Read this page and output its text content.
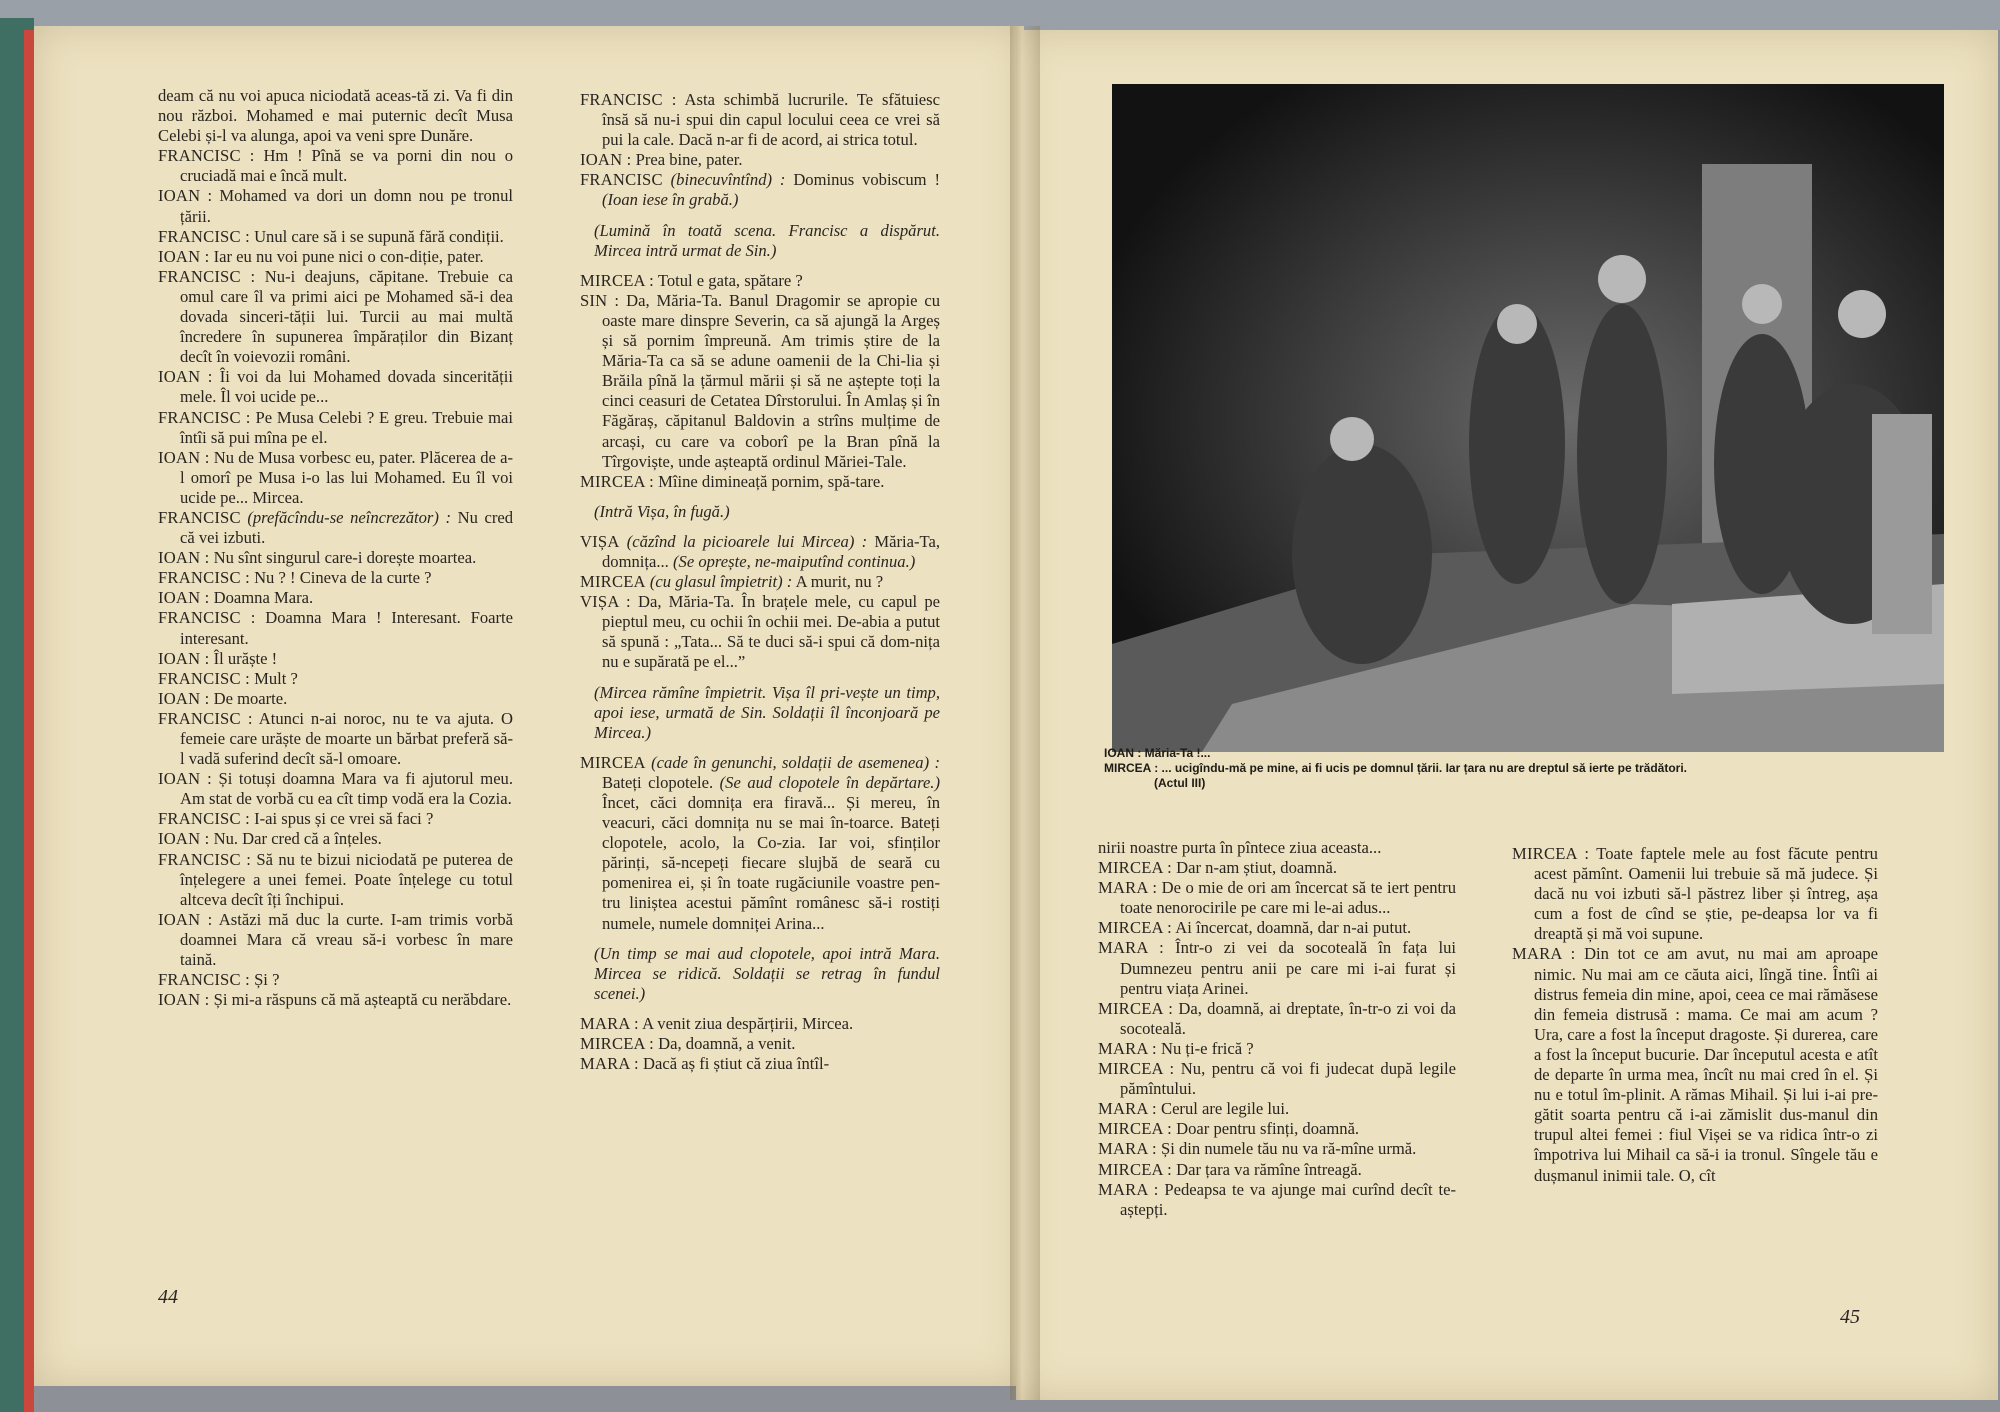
deam că nu voi apuca niciodată aceas-tă zi. Va fi din nou război. Mohamed e mai puternic decît Musa Celebi și-l va alunga, apoi va veni spre Dunăre.

FRANCISC : Hm ! Pînă se va porni din nou o cruciadă mai e încă mult.

IOAN : Mohamed va dori un domn nou pe tronul țării.

FRANCISC : Unul care să i se supună fără condiții.

IOAN : Iar eu nu voi pune nici o con-diție, pater.

FRANCISC : Nu-i deajuns, căpitane. Trebuie ca omul care îl va primi aici pe Mohamed să-i dea dovada sinceri-tății lui. Turcii au mai multă încredere în supunerea împăraților din Bizanț decît în voievozii români.

IOAN : Îi voi da lui Mohamed dovada sincerității mele. Îl voi ucide pe...

FRANCISC : Pe Musa Celebi ? E greu. Trebuie mai întîi să pui mîna pe el.

IOAN : Nu de Musa vorbesc eu, pater. Plăcerea de a-l omorî pe Musa i-o las lui Mohamed. Eu îl voi ucide pe... Mircea.

FRANCISC (prefăcîndu-se neîncrezător) : Nu cred că vei izbuti.

IOAN : Nu sînt singurul care-i dorește moartea.

FRANCISC : Nu ? ! Cineva de la curte ?

IOAN : Doamna Mara.

FRANCISC : Doamna Mara ! Interesant. Foarte interesant.

IOAN : Îl urăște !

FRANCISC : Mult ?

IOAN : De moarte.

FRANCISC : Atunci n-ai noroc, nu te va ajuta. O femeie care urăște de moarte un bărbat preferă să-l vadă suferind decît să-l omoare.

IOAN : Și totuși doamna Mara va fi ajutorul meu. Am stat de vorbă cu ea cît timp vodă era la Cozia.

FRANCISC : I-ai spus și ce vrei să faci ?

IOAN : Nu. Dar cred că a înțeles.

FRANCISC : Să nu te bizui niciodată pe puterea de înțelegere a unei femei. Poate înțelege cu totul altceva decît îți închipui.

IOAN : Astăzi mă duc la curte. I-am trimis vorbă doamnei Mara că vreau să-i vorbesc în mare taină.

FRANCISC : Și ?

IOAN : Și mi-a răspuns că mă așteaptă cu nerăbdare.

FRANCISC : Asta schimbă lucrurile. Te sfătuiesc însă să nu-i spui din capul locului ceea ce vrei să pui la cale. Dacă n-ar fi de acord, ai strica totul.

IOAN : Prea bine, pater.

FRANCISC (binecuvîntînd) : Dominus vobiscum ! (Ioan iese în grabă.)

(Lumină în toată scena. Francisc a dispărut. Mircea intră urmat de Sin.)

MIRCEA : Totul e gata, spătare ?

SIN : Da, Măria-Ta. Banul Dragomir se apropie cu oaste mare dinspre Severin, ca să ajungă la Argeș și să pornim împreună. Am trimis știre de la Măria-Ta ca să se adune oamenii de la Chi-lia și Brăila pînă la țărmul mării și să ne aștepte toți la cinci ceasuri de Cetatea Dîrstorului. În Amlaș și în Făgăraș, căpitanul Baldovin a strîns mulțime de arcași, cu care va coborî pe la Bran pînă la Tîrgoviște, unde așteaptă ordinul Măriei-Tale.

MIRCEA : Mîine dimineață pornim, spă-tare.

(Intră Vișa, în fugă.)

VIȘA (căzînd la picioarele lui Mircea) : Măria-Ta, domnița... (Se oprește, ne-maiputînd continua.)

MIRCEA (cu glasul împietrit) : A murit, nu ?

VIȘA : Da, Măria-Ta. În brațele mele, cu capul pe pieptul meu, cu ochii în ochii mei. De-abia a putut să spună : „Tata... Să te duci să-i spui că dom-nița nu e supărată pe el...”

(Mircea rămîne împietrit. Vișa îl pri-vește un timp, apoi iese, urmată de Sin. Soldații îl înconjoară pe Mircea.)

MIRCEA (cade în genunchi, soldații de asemenea) : Bateți clopotele. (Se aud clopotele în depărtare.) Încet, căci domnița era firavă... Și mereu, în veacuri, căci domnița nu se mai în-toarce. Bateți clopotele, acolo, la Co-zia. Iar voi, sfinților părinți, să-ncepeți fiecare slujbă de seară cu pomenirea ei, și în toate rugăciunile voastre pen-tru liniștea acestui pămînt românesc să-i rostiți numele, numele domniței Arina...

(Un timp se mai aud clopotele, apoi intră Mara. Mircea se ridică. Soldații se retrag în fundul scenei.)

MARA : A venit ziua despărțirii, Mircea.

MIRCEA : Da, doamnă, a venit.

MARA : Dacă aș fi știut că ziua întîl-

44
IOAN : Măria-Ta !...
MIRCEA : ... ucigîndu-mă pe mine, ai fi ucis pe domnul țării. Iar țara nu are dreptul să ierte pe trădători.
(Actul III)

nirii noastre purta în pîntece ziua aceasta...

MIRCEA : Dar n-am știut, doamnă.

MARA : De o mie de ori am încercat să te iert pentru toate nenorocirile pe care mi le-ai adus...

MIRCEA : Ai încercat, doamnă, dar n-ai putut.

MARA : Într-o zi vei da socoteală în fața lui Dumnezeu pentru anii pe care mi i-ai furat și pentru viața Arinei.

MIRCEA : Da, doamnă, ai dreptate, în-tr-o zi voi da socoteală.

MARA : Nu ți-e frică ?

MIRCEA : Nu, pentru că voi fi judecat după legile pămîntului.

MARA : Cerul are legile lui.

MIRCEA : Doar pentru sfinți, doamnă.

MARA : Și din numele tău nu va ră-mîne urmă.

MIRCEA : Dar țara va rămîne întreagă.

MARA : Pedeapsa te va ajunge mai curînd decît te-aștepți.

MIRCEA : Toate faptele mele au fost făcute pentru acest pămînt. Oamenii lui trebuie să mă judece. Și dacă nu voi izbuti să-l păstrez liber și întreg, așa cum a fost de cînd se știe, pe-deapsa lor va fi dreaptă și mă voi supune.

MARA : Din tot ce am avut, nu mai am aproape nimic. Nu mai am ce căuta aici, lîngă tine. Întîi ai distrus femeia din mine, apoi, ceea ce mai rămăsese din femeia distrusă : mama. Ce mai am acum ? Ura, care a fost la început dragoste. Și durerea, care a fost la început bucurie. Dar începutul acesta e atît de departe în urma mea, încît nu mai cred în el. Și nu e totul îm-plinit. A rămas Mihail. Și lui i-ai pre-gătit soarta pentru că i-ai zămislit dus-manul din trupul altei femei : fiul Vișei se va ridica într-o zi împotriva lui Mihail ca să-i ia tronul. Sîngele tău e dușmanul inimii tale. O, cît

45
